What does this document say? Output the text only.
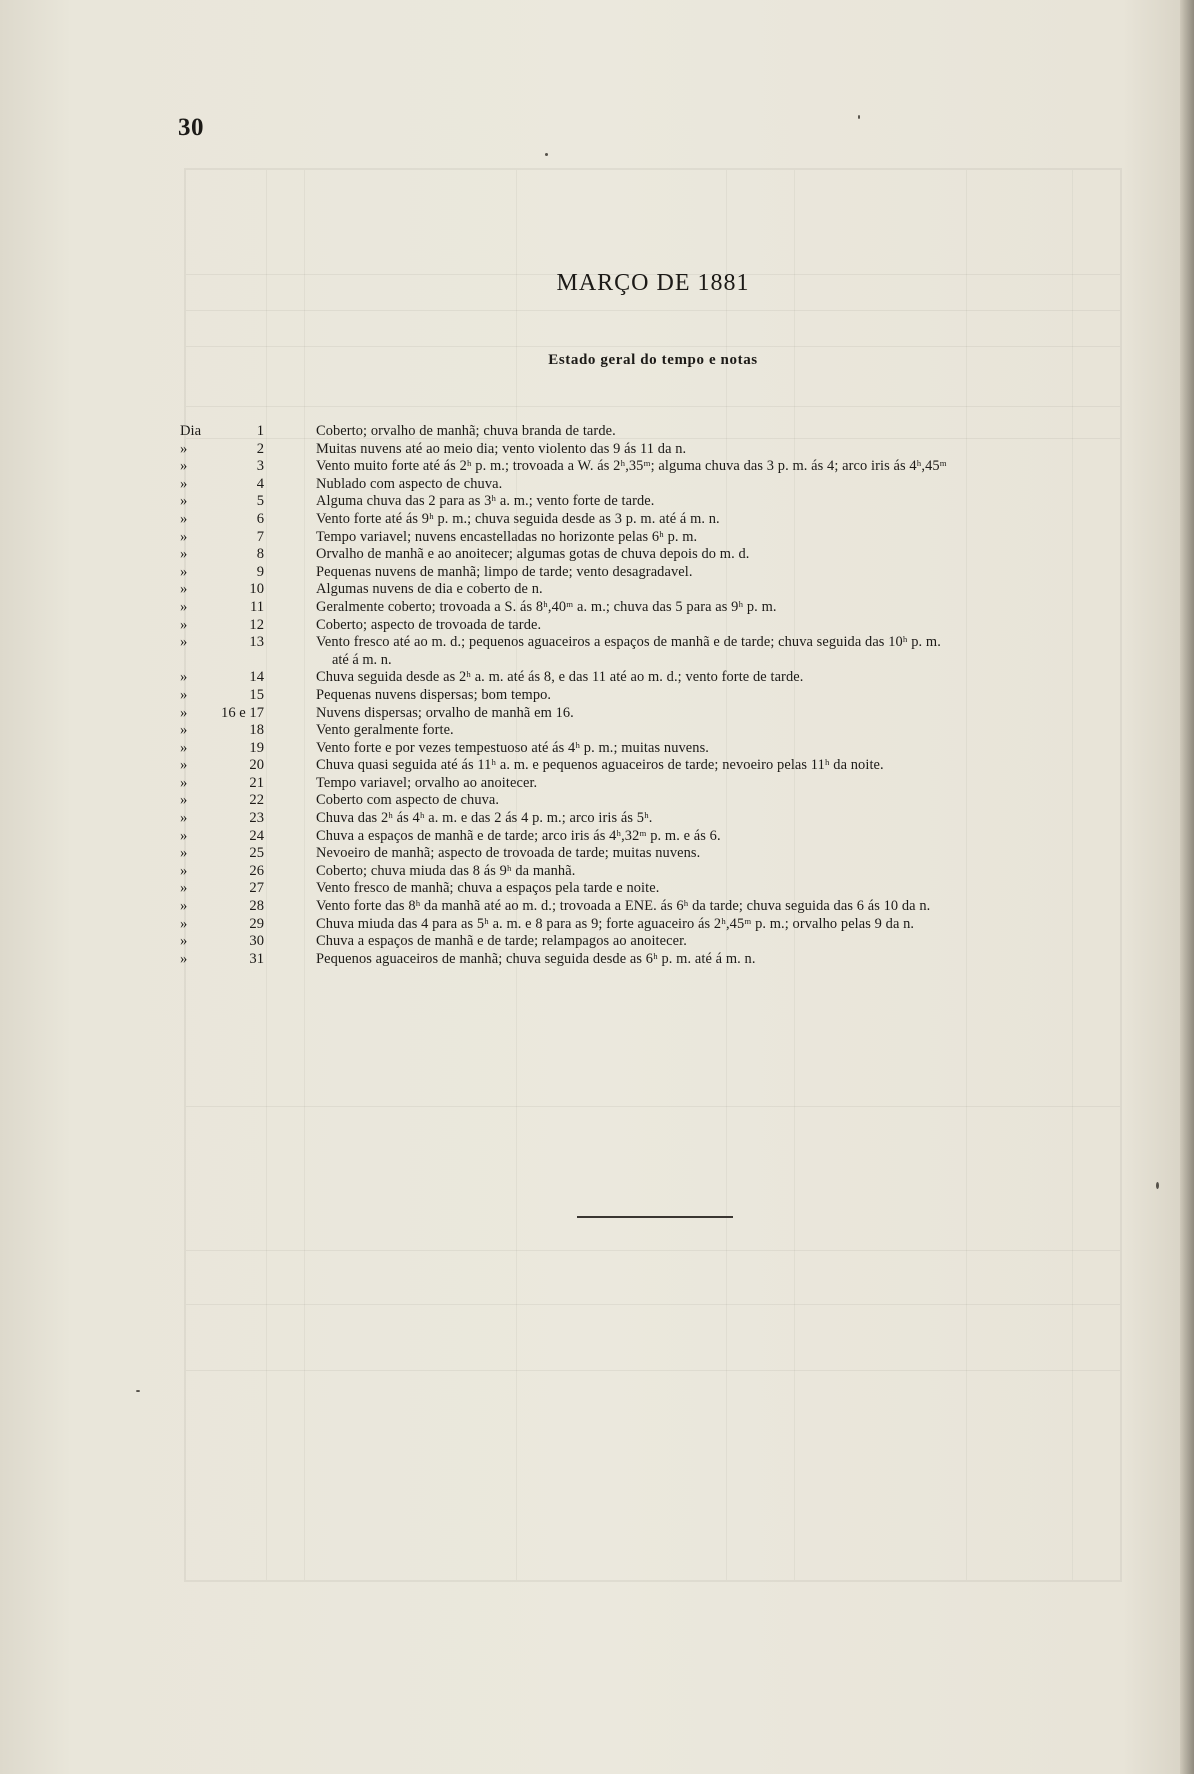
30
MARÇO DE 1881
Estado geral do tempo e notas
Dia	1	Coberto; orvalho de manhã; chuva branda de tarde.
»	2	Muitas nuvens até ao meio dia; vento violento das 9 ás 11 da n.
»	3	Vento muito forte até ás 2ʰ p. m.; trovoada a W. ás 2ʰ,35ᵐ; alguma chuva das 3 p. m. ás 4; arco iris ás 4ʰ,45ᵐ
»	4	Nublado com aspecto de chuva.
»	5	Alguma chuva das 2 para as 3ʰ a. m.; vento forte de tarde.
»	6	Vento forte até ás 9ʰ p. m.; chuva seguida desde as 3 p. m. até á m. n.
»	7	Tempo variavel; nuvens encastelladas no horizonte pelas 6ʰ p. m.
»	8	Orvalho de manhã e ao anoitecer; algumas gotas de chuva depois do m. d.
»	9	Pequenas nuvens de manhã; limpo de tarde; vento desagradavel.
»	10	Algumas nuvens de dia e coberto de n.
»	11	Geralmente coberto; trovoada a S. ás 8ʰ,40ᵐ a. m.; chuva das 5 para as 9ʰ p. m.
»	12	Coberto; aspecto de trovoada de tarde.
»	13	Vento fresco até ao m. d.; pequenos aguaceiros a espaços de manhã e de tarde; chuva seguida das 10ʰ p. m.
até á m. n.
»	14	Chuva seguida desde as 2ʰ a. m. até ás 8, e das 11 até ao m. d.; vento forte de tarde.
»	15	Pequenas nuvens dispersas; bom tempo.
»	16 e 17	Nuvens dispersas; orvalho de manhã em 16.
»	18	Vento geralmente forte.
»	19	Vento forte e por vezes tempestuoso até ás 4ʰ p. m.; muitas nuvens.
»	20	Chuva quasi seguida até ás 11ʰ a. m. e pequenos aguaceiros de tarde; nevoeiro pelas 11ʰ da noite.
»	21	Tempo variavel; orvalho ao anoitecer.
»	22	Coberto com aspecto de chuva.
»	23	Chuva das 2ʰ ás 4ʰ a. m. e das 2 ás 4 p. m.; arco iris ás 5ʰ.
»	24	Chuva a espaços de manhã e de tarde; arco iris ás 4ʰ,32ᵐ p. m. e ás 6.
»	25	Nevoeiro de manhã; aspecto de trovoada de tarde; muitas nuvens.
»	26	Coberto; chuva miuda das 8 ás 9ʰ da manhã.
»	27	Vento fresco de manhã; chuva a espaços pela tarde e noite.
»	28	Vento forte das 8ʰ da manhã até ao m. d.; trovoada a ENE. ás 6ʰ da tarde; chuva seguida das 6 ás 10 da n.
»	29	Chuva miuda das 4 para as 5ʰ a. m. e 8 para as 9; forte aguaceiro ás 2ʰ,45ᵐ p. m.; orvalho pelas 9 da n.
»	30	Chuva a espaços de manhã e de tarde; relampagos ao anoitecer.
»	31	Pequenos aguaceiros de manhã; chuva seguida desde as 6ʰ p. m. até á m. n.
